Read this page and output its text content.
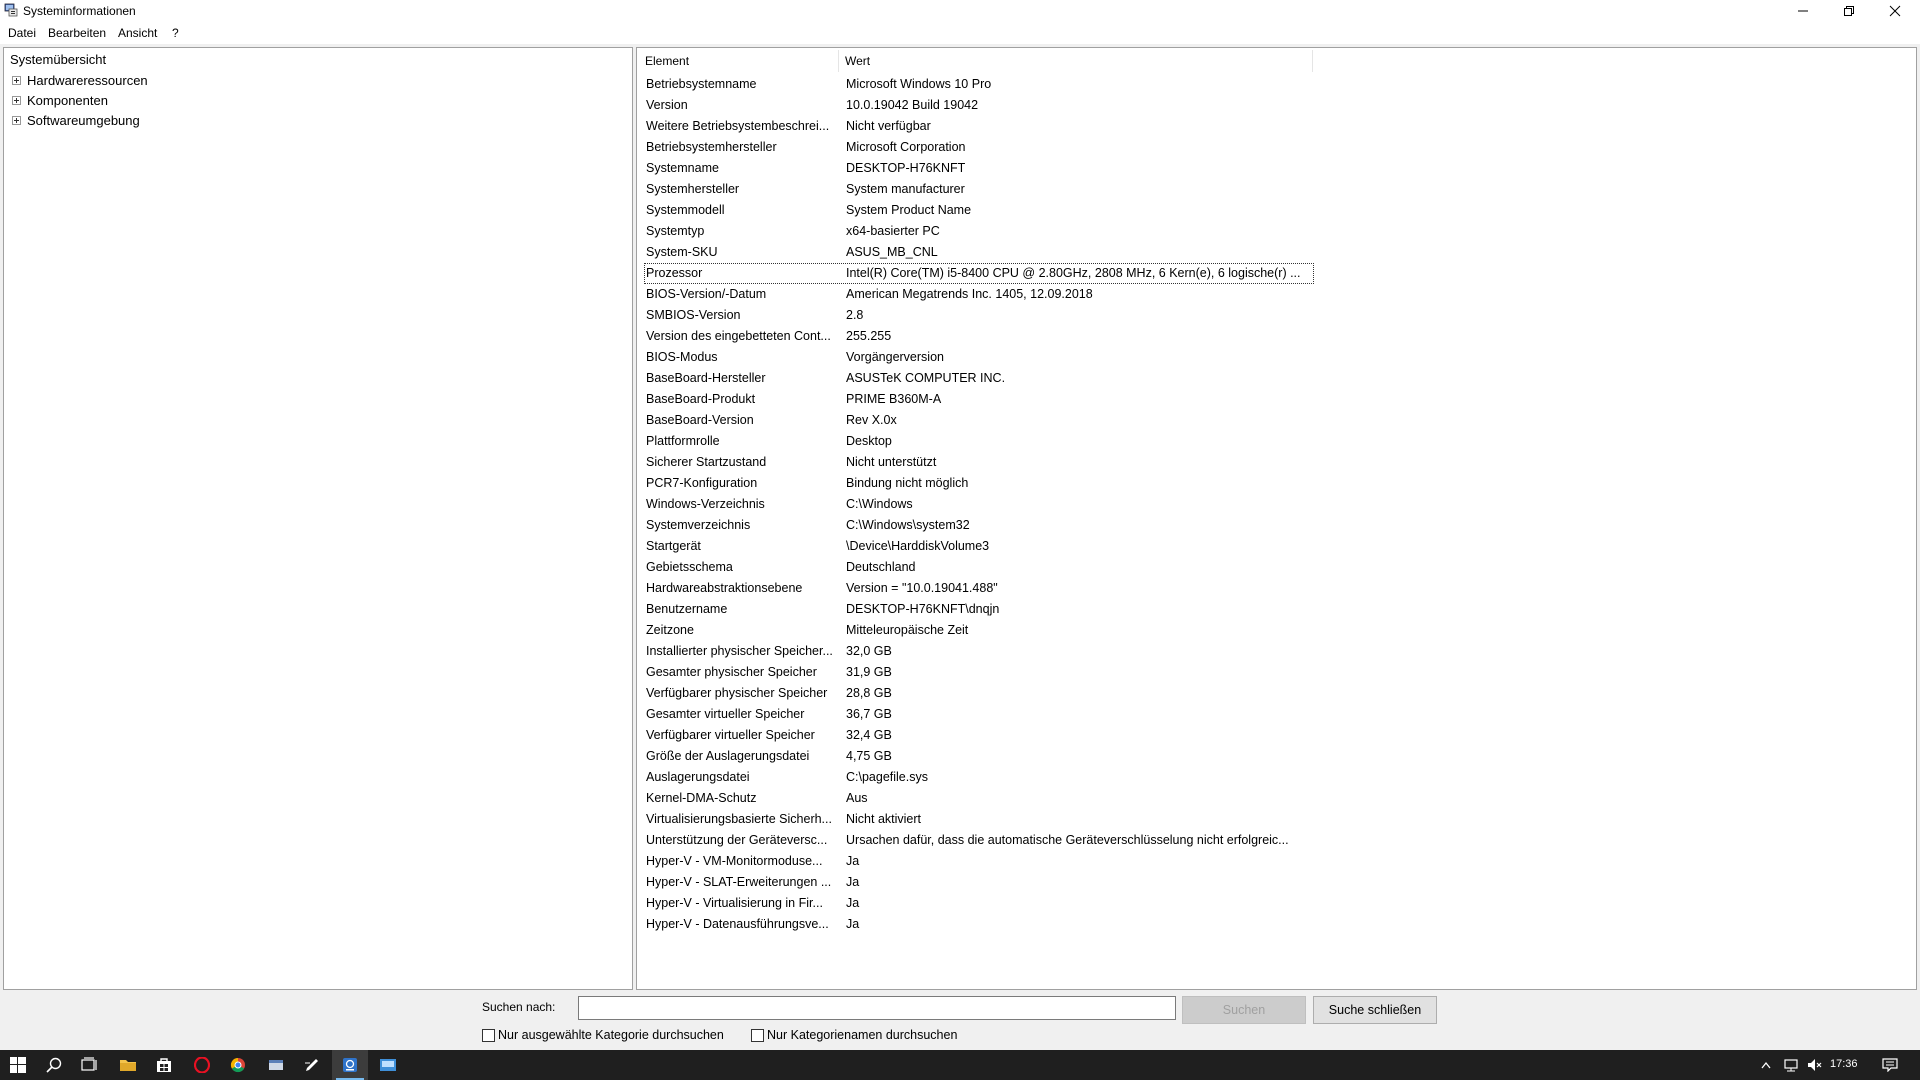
Systeminformationen
Datei Bearbeiten Ansicht ?
Systemübersicht
Hardwareressourcen
Komponenten
Softwareumgebung
Element	Wert
Betriebsystemname	Microsoft Windows 10 Pro
Version	10.0.19042 Build 19042
Weitere Betriebsystembeschrei...	Nicht verfügbar
Betriebsystemhersteller	Microsoft Corporation
Systemname	DESKTOP-H76KNFT
Systemhersteller	System manufacturer
Systemmodell	System Product Name
Systemtyp	x64-basierter PC
System-SKU	ASUS_MB_CNL
Prozessor	Intel(R) Core(TM) i5-8400 CPU @ 2.80GHz, 2808 MHz, 6 Kern(e), 6 logische(r) ...
BIOS-Version/-Datum	American Megatrends Inc. 1405, 12.09.2018
SMBIOS-Version	2.8
Version des eingebetteten Cont...	255.255
BIOS-Modus	Vorgängerversion
BaseBoard-Hersteller	ASUSTeK COMPUTER INC.
BaseBoard-Produkt	PRIME B360M-A
BaseBoard-Version	Rev X.0x
Plattformrolle	Desktop
Sicherer Startzustand	Nicht unterstützt
PCR7-Konfiguration	Bindung nicht möglich
Windows-Verzeichnis	C:\Windows
Systemverzeichnis	C:\Windows\system32
Startgerät	\Device\HarddiskVolume3
Gebietsschema	Deutschland
Hardwareabstraktionsebene	Version = "10.0.19041.488"
Benutzername	DESKTOP-H76KNFT\dnqjn
Zeitzone	Mitteleuropäische Zeit
Installierter physischer Speicher...	32,0 GB
Gesamter physischer Speicher	31,9 GB
Verfügbarer physischer Speicher	28,8 GB
Gesamter virtueller Speicher	36,7 GB
Verfügbarer virtueller Speicher	32,4 GB
Größe der Auslagerungsdatei	4,75 GB
Auslagerungsdatei	C:\pagefile.sys
Kernel-DMA-Schutz	Aus
Virtualisierungsbasierte Sicherh...	Nicht aktiviert
Unterstützung der Geräteversc...	Ursachen dafür, dass die automatische Geräteverschlüsselung nicht erfolgreic...
Hyper-V - VM-Monitormoduse...	Ja
Hyper-V - SLAT-Erweiterungen ...	Ja
Hyper-V - Virtualisierung in Fir...	Ja
Hyper-V - Datenausführungsve...	Ja
Suchen nach:	Suchen	Suche schließen
Nur ausgewählte Kategorie durchsuchen	Nur Kategorienamen durchsuchen
17:36
